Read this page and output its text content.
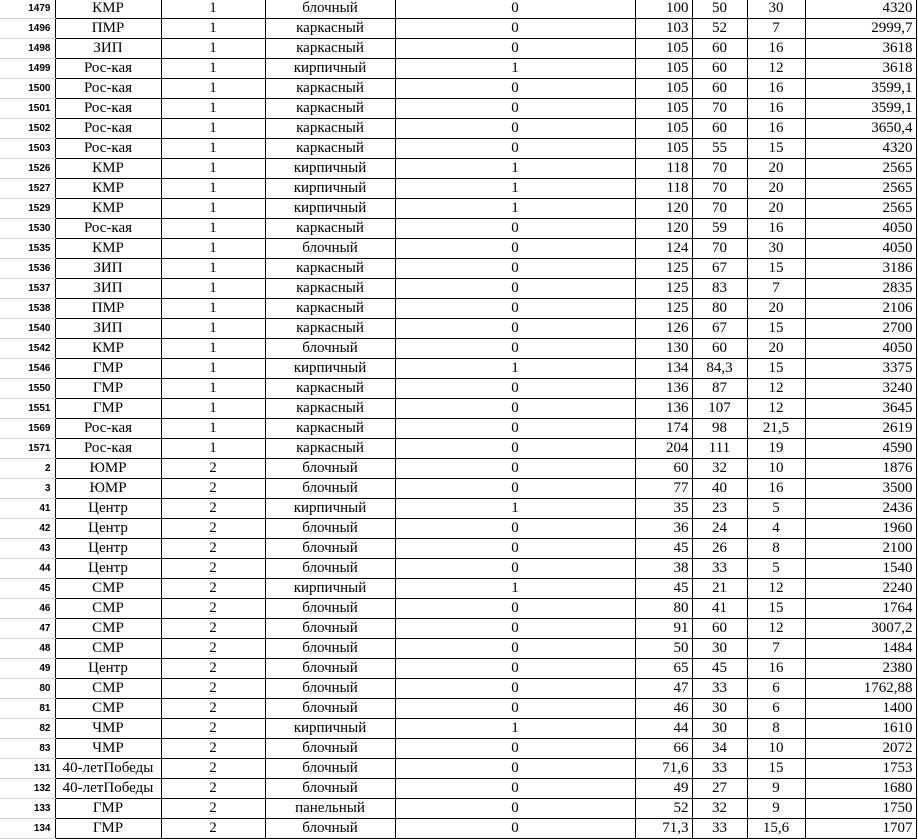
1479	КМР	1	блочный	0	100	50	30	4320
1496	ПМР	1	каркасный	0	103	52	7	2999,7
1498	ЗИП	1	каркасный	0	105	60	16	3618
1499	Рос-кая	1	кирпичный	1	105	60	12	3618
1500	Рос-кая	1	каркасный	0	105	60	16	3599,1
1501	Рос-кая	1	каркасный	0	105	70	16	3599,1
1502	Рос-кая	1	каркасный	0	105	60	16	3650,4
1503	Рос-кая	1	каркасный	0	105	55	15	4320
1526	КМР	1	кирпичный	1	118	70	20	2565
1527	КМР	1	кирпичный	1	118	70	20	2565
1529	КМР	1	кирпичный	1	120	70	20	2565
1530	Рос-кая	1	каркасный	0	120	59	16	4050
1535	КМР	1	блочный	0	124	70	30	4050
1536	ЗИП	1	каркасный	0	125	67	15	3186
1537	ЗИП	1	каркасный	0	125	83	7	2835
1538	ПМР	1	каркасный	0	125	80	20	2106
1540	ЗИП	1	каркасный	0	126	67	15	2700
1542	КМР	1	блочный	0	130	60	20	4050
1546	ГМР	1	кирпичный	1	134	84,3	15	3375
1550	ГМР	1	каркасный	0	136	87	12	3240
1551	ГМР	1	каркасный	0	136	107	12	3645
1569	Рос-кая	1	каркасный	0	174	98	21,5	2619
1571	Рос-кая	1	каркасный	0	204	111	19	4590
2	ЮМР	2	блочный	0	60	32	10	1876
3	ЮМР	2	блочный	0	77	40	16	3500
41	Центр	2	кирпичный	1	35	23	5	2436
42	Центр	2	блочный	0	36	24	4	1960
43	Центр	2	блочный	0	45	26	8	2100
44	Центр	2	блочный	0	38	33	5	1540
45	СМР	2	кирпичный	1	45	21	12	2240
46	СМР	2	блочный	0	80	41	15	1764
47	СМР	2	блочный	0	91	60	12	3007,2
48	СМР	2	блочный	0	50	30	7	1484
49	Центр	2	блочный	0	65	45	16	2380
80	СМР	2	блочный	0	47	33	6	1762,88
81	СМР	2	блочный	0	46	30	6	1400
82	ЧМР	2	кирпичный	1	44	30	8	1610
83	ЧМР	2	блочный	0	66	34	10	2072
131	40-летПобеды	2	блочный	0	71,6	33	15	1753
132	40-летПобеды	2	блочный	0	49	27	9	1680
133	ГМР	2	панельный	0	52	32	9	1750
134	ГМР	2	блочный	0	71,3	33	15,6	1707
